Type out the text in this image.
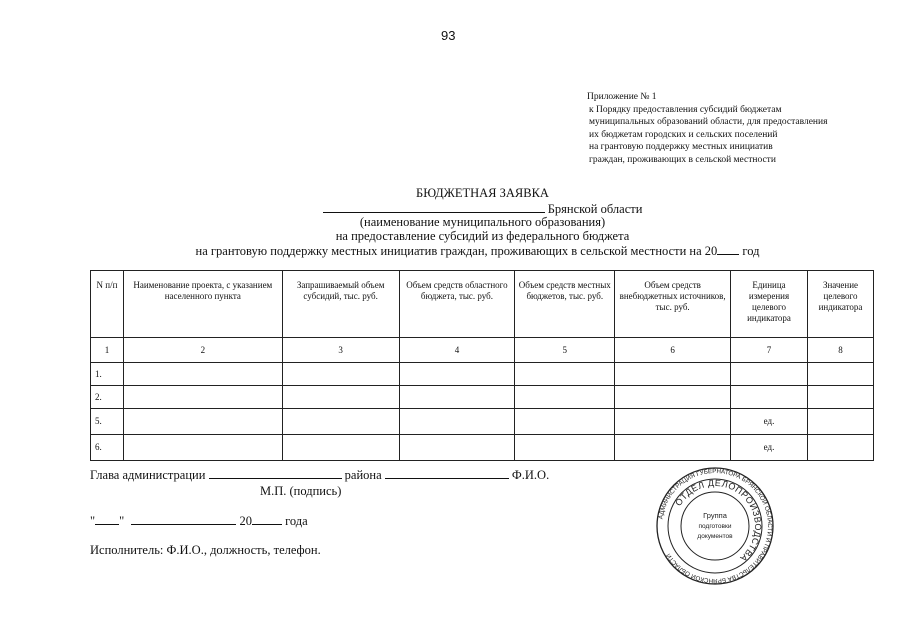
93
Приложение № 1
к Порядку предоставления субсидий бюджетам
муниципальных образований области, для предоставления
их бюджетам городских и сельских поселений
на грантовую поддержку местных инициатив
граждан, проживающих в сельской местности
БЮДЖЕТНАЯ ЗАЯВКА
Брянской области
(наименование муниципального образования)
на предоставление субсидий из федерального бюджета
на грантовую поддержку местных инициатив граждан, проживающих в сельской местности на 20 год
N п/п	Наименование проекта, с указанием населенного пункта	Запрашиваемый объем субсидий, тыс. руб.	Объем средств областного бюджета, тыс. руб.	Объем средств местных бюджетов, тыс. руб.	Объем средств внебюджетных источников, тыс. руб.	Единица измерения целевого индикатора	Значение целевого индикатора
1	2	3	4	5	6	7	8
1.							
2.							
5.						ед.	
6.						ед.	
Глава администрации	района	Ф.И.О.
М.П. (подпись)
" "	20	года
Исполнитель: Ф.И.О., должность, телефон.
АДМИНИСТРАЦИЯ ГУБЕРНАТОРА БРЯНСКОЙ ОБЛАСТИ И ПРАВИТЕЛЬСТВА БРЯНСКОЙ ОБЛАСТИ
ОТДЕЛ ДЕЛОПРОИЗВОДСТВА
Группа
подготовки
документов
